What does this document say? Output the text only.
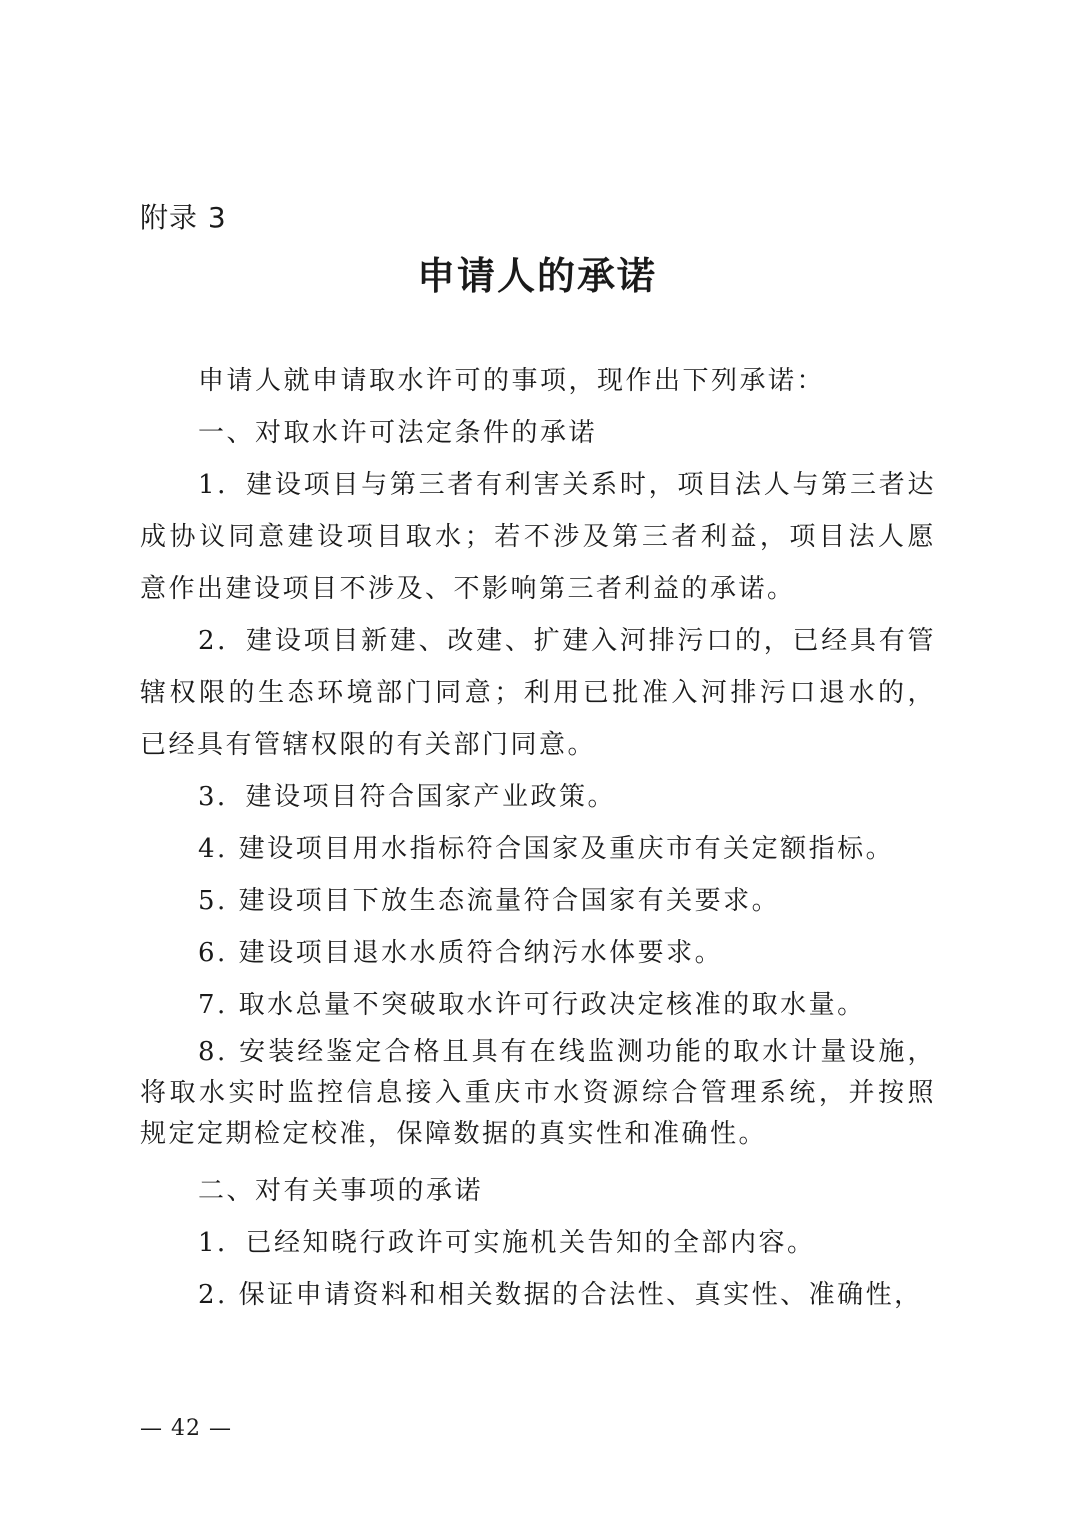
附录 3
申请人的承诺

申请人就申请取水许可的事项，现作出下列承诺：

一、对取水许可法定条件的承诺

1．建设项目与第三者有利害关系时，项目法人与第三者达成协议同意建设项目取水；若不涉及第三者利益，项目法人愿意作出建设项目不涉及、不影响第三者利益的承诺。

2．建设项目新建、改建、扩建入河排污口的，已经具有管辖权限的生态环境部门同意；利用已批准入河排污口退水的，已经具有管辖权限的有关部门同意。

3．建设项目符合国家产业政策。

4. 建设项目用水指标符合国家及重庆市有关定额指标。

5. 建设项目下放生态流量符合国家有关要求。

6. 建设项目退水水质符合纳污水体要求。

7. 取水总量不突破取水许可行政决定核准的取水量。

8. 安装经鉴定合格且具有在线监测功能的取水计量设施，将取水实时监控信息接入重庆市水资源综合管理系统，并按照规定定期检定校准，保障数据的真实性和准确性。

二、对有关事项的承诺

1．已经知晓行政许可实施机关告知的全部内容。

2. 保证申请资料和相关数据的合法性、真实性、准确性，

— 42 —
